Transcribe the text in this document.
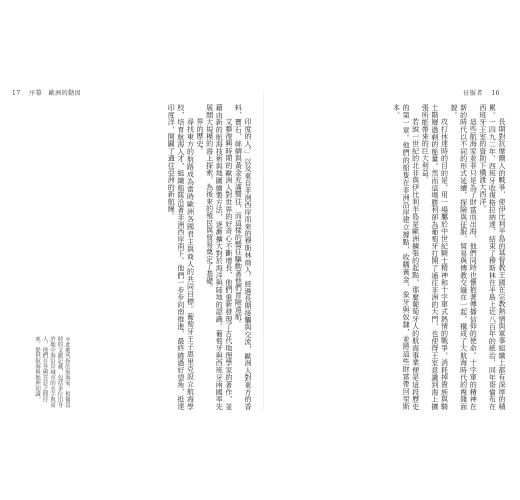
17 序幕　歐洲的動因

印度的人。」以及東自非洲西岸而來的穆斯林商人。經過長期接觸與交流，歐洲人對東方的香料、寶石、絲綢與黃金充滿嚮往，而這樣的嚮往驅動著他們冒險遠航。

文藝復興時期的歐洲人對世界的好奇心不斷增長，他們重新發現了古代地理學家的著作，並藉由新的航海技術與地圖繪製方法，逐漸擴大對於海洋與陸地的認識。葡萄牙與西班牙兩國率先展開大規模的海上探索，為後來的殖民與貿易奠定了基礎。

界的歷史。

尋找東方的航路成為當時歐洲各國君主與商人的共同目標。葡萄牙王子恩里克設立航海學校，培育航海人才，組織船隊沿著非洲西岸南下。他們一步步向南推進，最終繞過好望角，抵達印度洋，開闢了通往亞洲的新航線。

＊此處所指的航海家，根據當時的文獻記載，包括多位出身於地中海沿岸城市的水手與商人，他們在各國宮廷之間往來，提供航海與地理知識。
征服者 16

長期對抗摩爾人的戰爭，使伊比利半島的基督教王國在宗教熱情與軍事組織上都有深厚的積累。一四九二年，西班牙收復格拉納達，結束了穆斯林在半島上近八百年的統治，同年哥倫布在西班牙王室的資助下橫渡大西洋。

這些航海家並非只是為了財富而出海，他們同時也懷抱著傳播信仰的使命。十字軍的精神在新的時代以不同的形式延續，探險與征服、貿易與傳教交織在一起，構成了大航海時代的複雜面貌。

攻打休達時的目的是，用一場屬於中世紀騎士精神和十字軍式熱情的戰爭，消耗掉貴族與騎士階層過剩的能量。然而這場勝利卻為葡萄牙打開了通往非洲的大門，也使得王室意識到海上擴張所能帶來的巨大利益。

若說一世紀的北非與伊比利半島是歐洲擴張的起點，那麼葡萄牙人的航海事業便是這段歷史的第一章。他們的船隻在非洲沿岸建立據點，收購黃金、象牙與奴隸，並將這些財富帶回里斯本。
